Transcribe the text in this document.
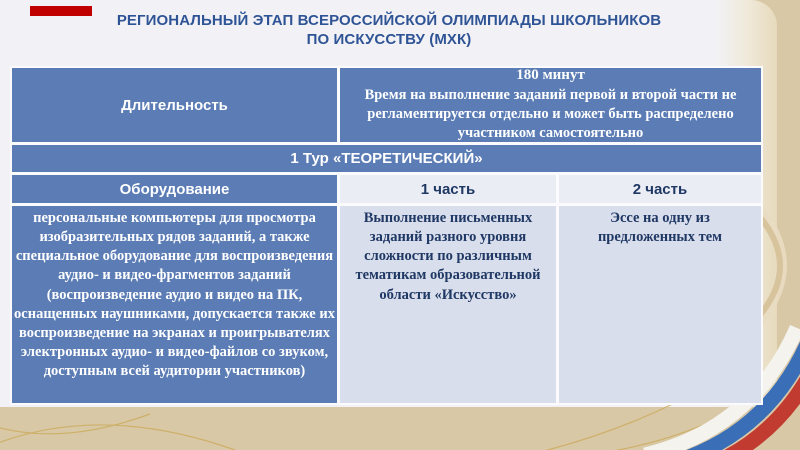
РЕГИОНАЛЬНЫЙ ЭТАП ВСЕРОССИЙСКОЙ ОЛИМПИАДЫ ШКОЛЬНИКОВ
ПО ИСКУССТВУ (МХК)
Длительность
180 минут
Время на выполнение заданий первой и второй части не регламентируется отдельно и может быть распределено участником самостоятельно
1 Тур «ТЕОРЕТИЧЕСКИЙ»
Оборудование	1 часть	2 часть
персональные компьютеры для просмотра изобразительных рядов заданий, а также специальное оборудование для воспроизведения аудио- и видео-фрагментов заданий (воспроизведение аудио и видео на ПК, оснащенных наушниками, допускается также их воспроизведение на экранах и проигрывателях электронных аудио- и видео-файлов со звуком, доступным всей аудитории участников)
Выполнение письменных заданий разного уровня сложности по различным тематикам образовательной области «Искусство»
Эссе на одну из предложенных тем
